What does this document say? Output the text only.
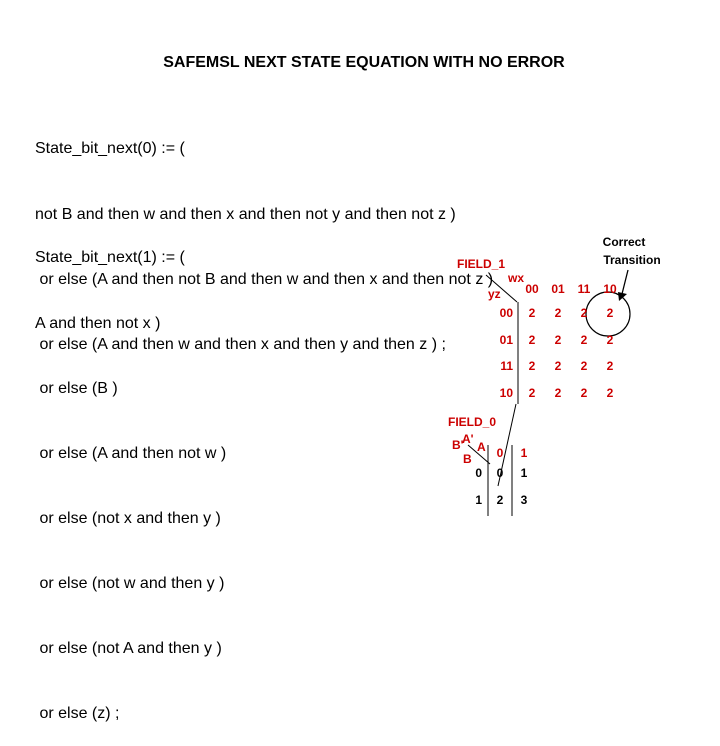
SAFEMSL NEXT STATE EQUATION WITH NO ERROR

State_bit_next(0) := (

not B and then w and then x and then not y and then not z )

or else (A and then not B and then w and then x and then not z )

or else (A and then w and then x and then y and then z ) ;

State_bit_next(1) := (

A and then not x )

or else (B )

or else (A and then not w )

or else (not x and then y )

or else (not w and then y )

or else (not A and then y )

or else (z) ;

Correct
Transition
FIELD_1
wx
yz 00 01 11 10
00
01
11
10
2 2 2 2
2 2 2 2
2 2 2 2
2 2 2 2
FIELD_0
A'
B' A
B 0 1
0
1
0 1
2 3
